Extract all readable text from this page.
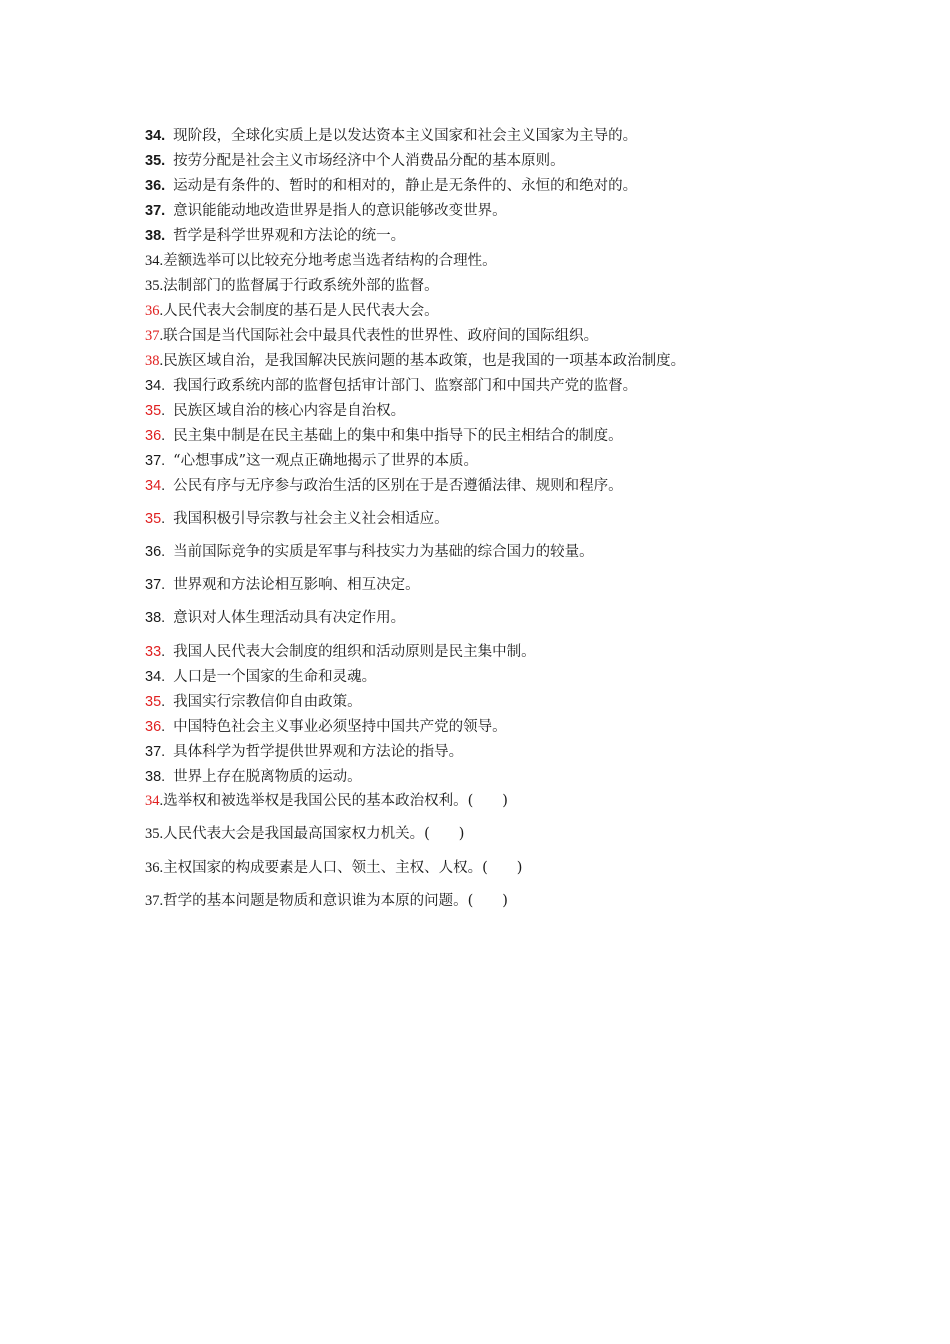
34. 现阶段，全球化实质上是以发达资本主义国家和社会主义国家为主导的。
35. 按劳分配是社会主义市场经济中个人消费品分配的基本原则。
36. 运动是有条件的、暂时的和相对的，静止是无条件的、永恒的和绝对的。
37. 意识能能动地改造世界是指人的意识能够改变世界。
38. 哲学是科学世界观和方法论的统一。
34.差额选举可以比较充分地考虑当选者结构的合理性。
35.法制部门的监督属于行政系统外部的监督。
36.人民代表大会制度的基石是人民代表大会。
37.联合国是当代国际社会中最具代表性的世界性、政府间的国际组织。
38.民族区域自治，是我国解决民族问题的基本政策，也是我国的一项基本政治制度。
34. 我国行政系统内部的监督包括审计部门、监察部门和中国共产党的监督。
35. 民族区域自治的核心内容是自治权。
36. 民主集中制是在民主基础上的集中和集中指导下的民主相结合的制度。
37. “心想事成”这一观点正确地揭示了世界的本质。
34. 公民有序与无序参与政治生活的区别在于是否遵循法律、规则和程序。
35. 我国积极引导宗教与社会主义社会相适应。
36. 当前国际竞争的实质是军事与科技实力为基础的综合国力的较量。
37. 世界观和方法论相互影响、相互决定。
38. 意识对人体生理活动具有决定作用。
33. 我国人民代表大会制度的组织和活动原则是民主集中制。
34. 人口是一个国家的生命和灵魂。
35. 我国实行宗教信仰自由政策。
36. 中国特色社会主义事业必须坚持中国共产党的领导。
37. 具体科学为哲学提供世界观和方法论的指导。
38. 世界上存在脱离物质的运动。
34.选举权和被选举权是我国公民的基本政治权利。(　　)
35.人民代表大会是我国最高国家权力机关。(　　)
36.主权国家的构成要素是人口、领土、主权、人权。(　　)
37.哲学的基本问题是物质和意识谁为本原的问题。(　　)
